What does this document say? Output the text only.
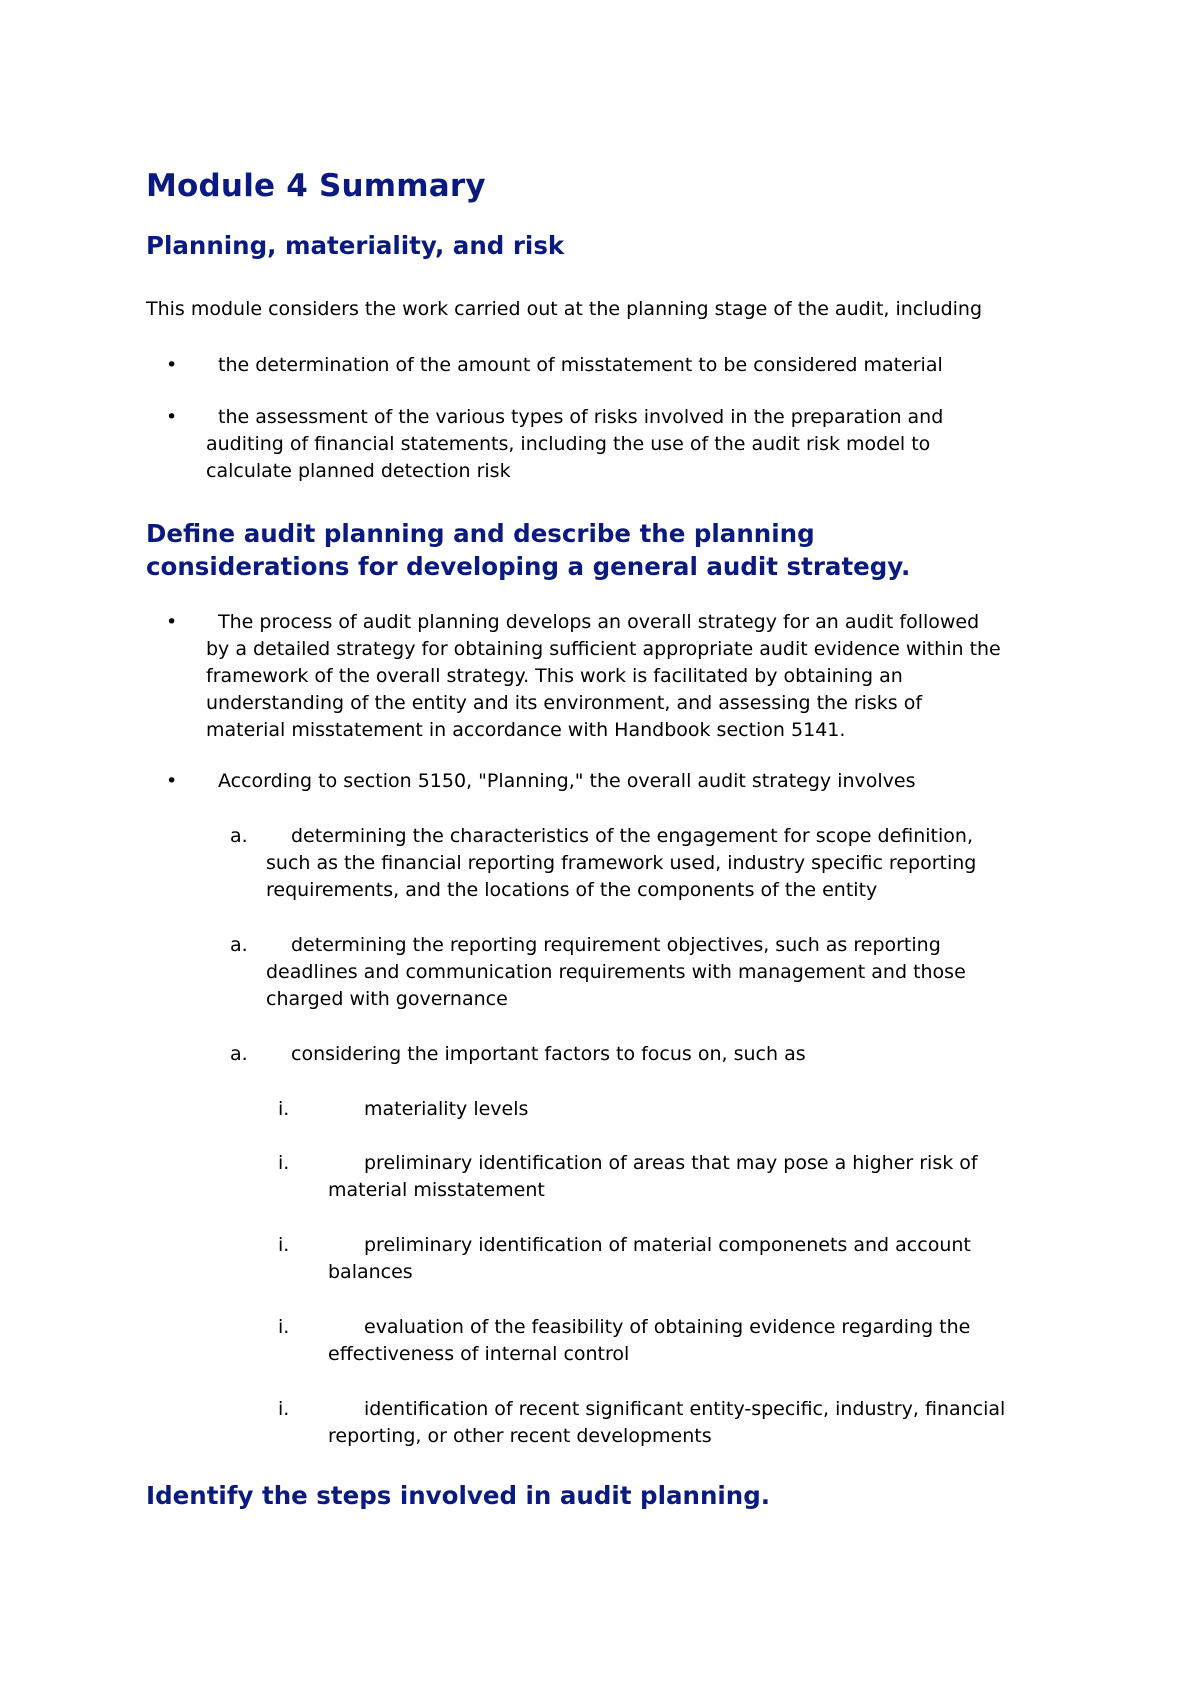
Module 4 Summary
Planning, materiality, and risk
This module considers the work carried out at the planning stage of the audit, including
• the determination of the amount of misstatement to be considered material
• the assessment of the various types of risks involved in the preparation and
auditing of financial statements, including the use of the audit risk model to
calculate planned detection risk
Define audit planning and describe the planning
considerations for developing a general audit strategy.
• The process of audit planning develops an overall strategy for an audit followed
by a detailed strategy for obtaining sufficient appropriate audit evidence within the
framework of the overall strategy. This work is facilitated by obtaining an
understanding of the entity and its environment, and assessing the risks of
material misstatement in accordance with Handbook section 5141.
• According to section 5150, "Planning," the overall audit strategy involves
a. determining the characteristics of the engagement for scope definition,
such as the financial reporting framework used, industry specific reporting
requirements, and the locations of the components of the entity
a. determining the reporting requirement objectives, such as reporting
deadlines and communication requirements with management and those
charged with governance
a. considering the important factors to focus on, such as
i.	materiality levels
i.	preliminary identification of areas that may pose a higher risk of
material misstatement
i.	preliminary identification of material componenets and account
balances
i.	evaluation of the feasibility of obtaining evidence regarding the
effectiveness of internal control
i.	identification of recent significant entity-specific, industry, financial
reporting, or other recent developments
Identify the steps involved in audit planning.
